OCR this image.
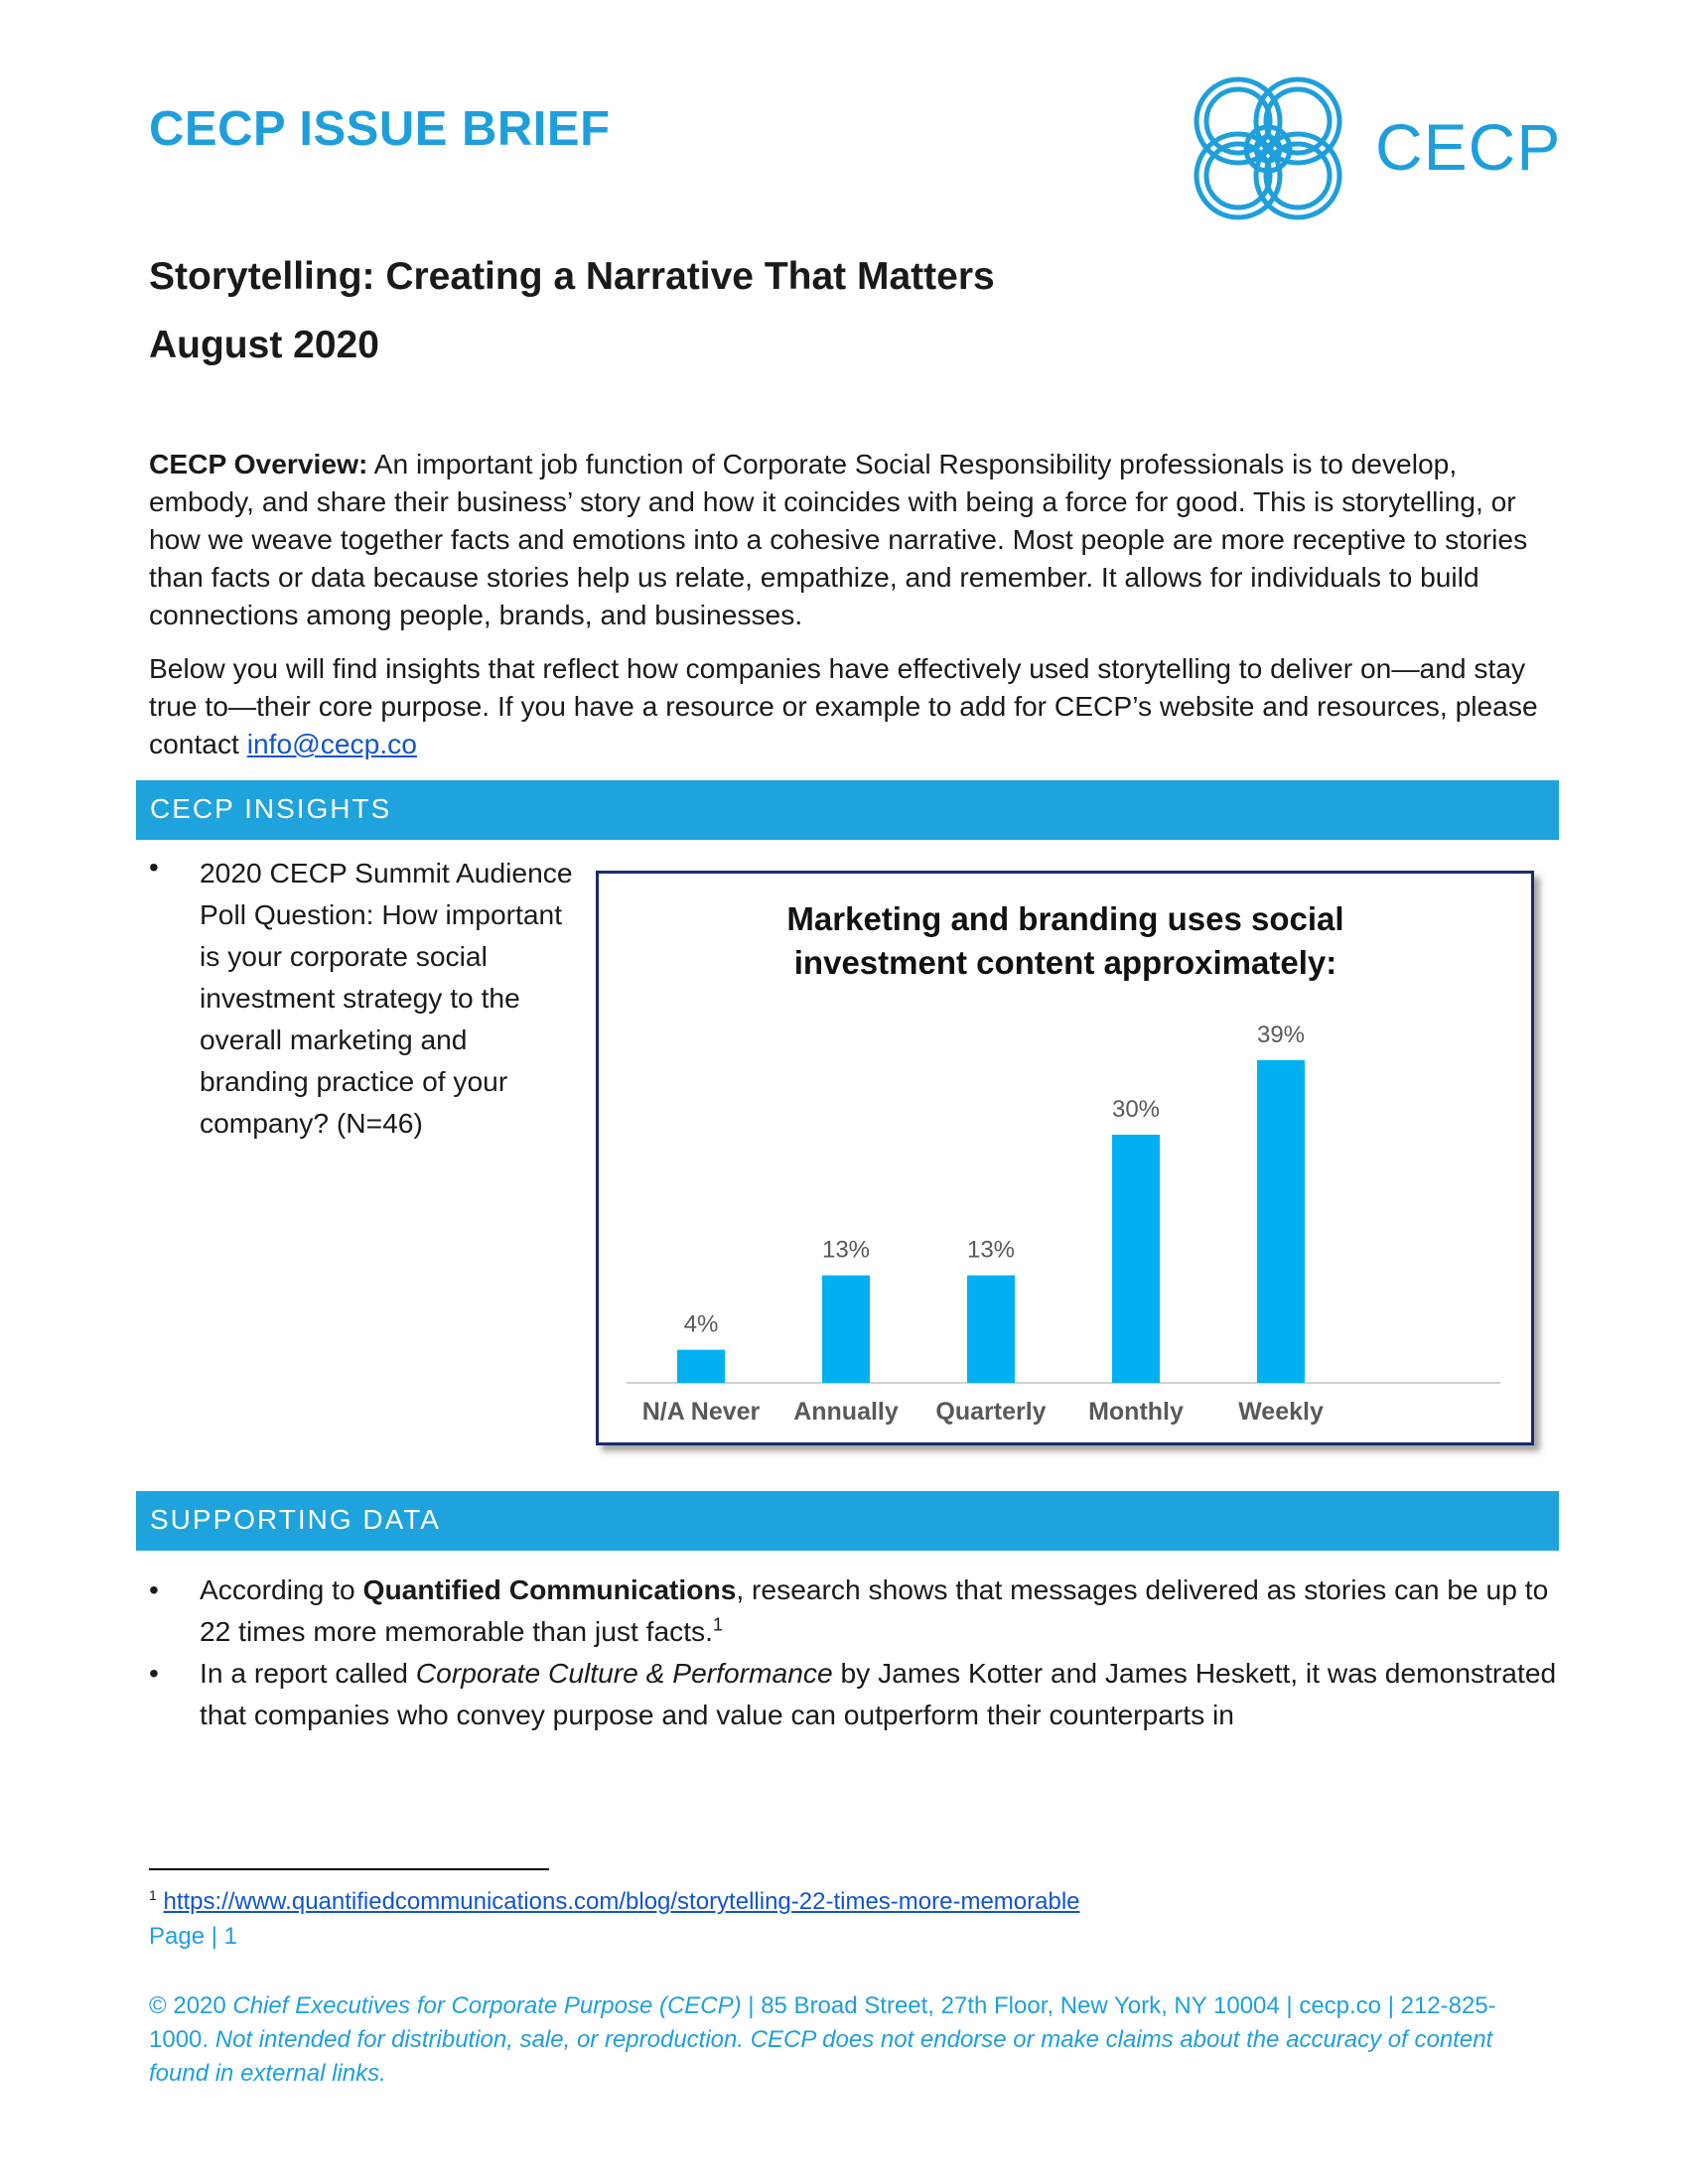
CECP ISSUE BRIEF	CECP
Storytelling: Creating a Narrative That Matters
August 2020
CECP Overview: An important job function of Corporate Social Responsibility professionals is to develop, embody, and share their business’ story and how it coincides with being a force for good. This is storytelling, or how we weave together facts and emotions into a cohesive narrative. Most people are more receptive to stories than facts or data because stories help us relate, empathize, and remember. It allows for individuals to build connections among people, brands, and businesses.
Below you will find insights that reflect how companies have effectively used storytelling to deliver on—and stay true to—their core purpose. If you have a resource or example to add for CECP’s website and resources, please contact info@cecp.co
CECP INSIGHTS
• 2020 CECP Summit Audience Poll Question: How important is your corporate social investment strategy to the overall marketing and branding practice of your company? (N=46)
Marketing and branding uses social
investment content approximately:
4%
N/A Never
13%
Annually
13%
Quarterly
30%
Monthly
39%
Weekly
SUPPORTING DATA
• According to Quantified Communications, research shows that messages delivered as stories can be up to 22 times more memorable than just facts.$^1$
• In a report called Corporate Culture & Performance by James Kotter and James Heskett, it was demonstrated that companies who convey purpose and value can outperform their counterparts in
$^1$ https://www.quantifiedcommunications.com/blog/storytelling-22-times-more-memorable
Page | 1
© 2020 Chief Executives for Corporate Purpose (CECP) | 85 Broad Street, 27th Floor, New York, NY 10004 | cecp.co | 212-825-1000. Not intended for distribution, sale, or reproduction. CECP does not endorse or make claims about the accuracy of content found in external links.
